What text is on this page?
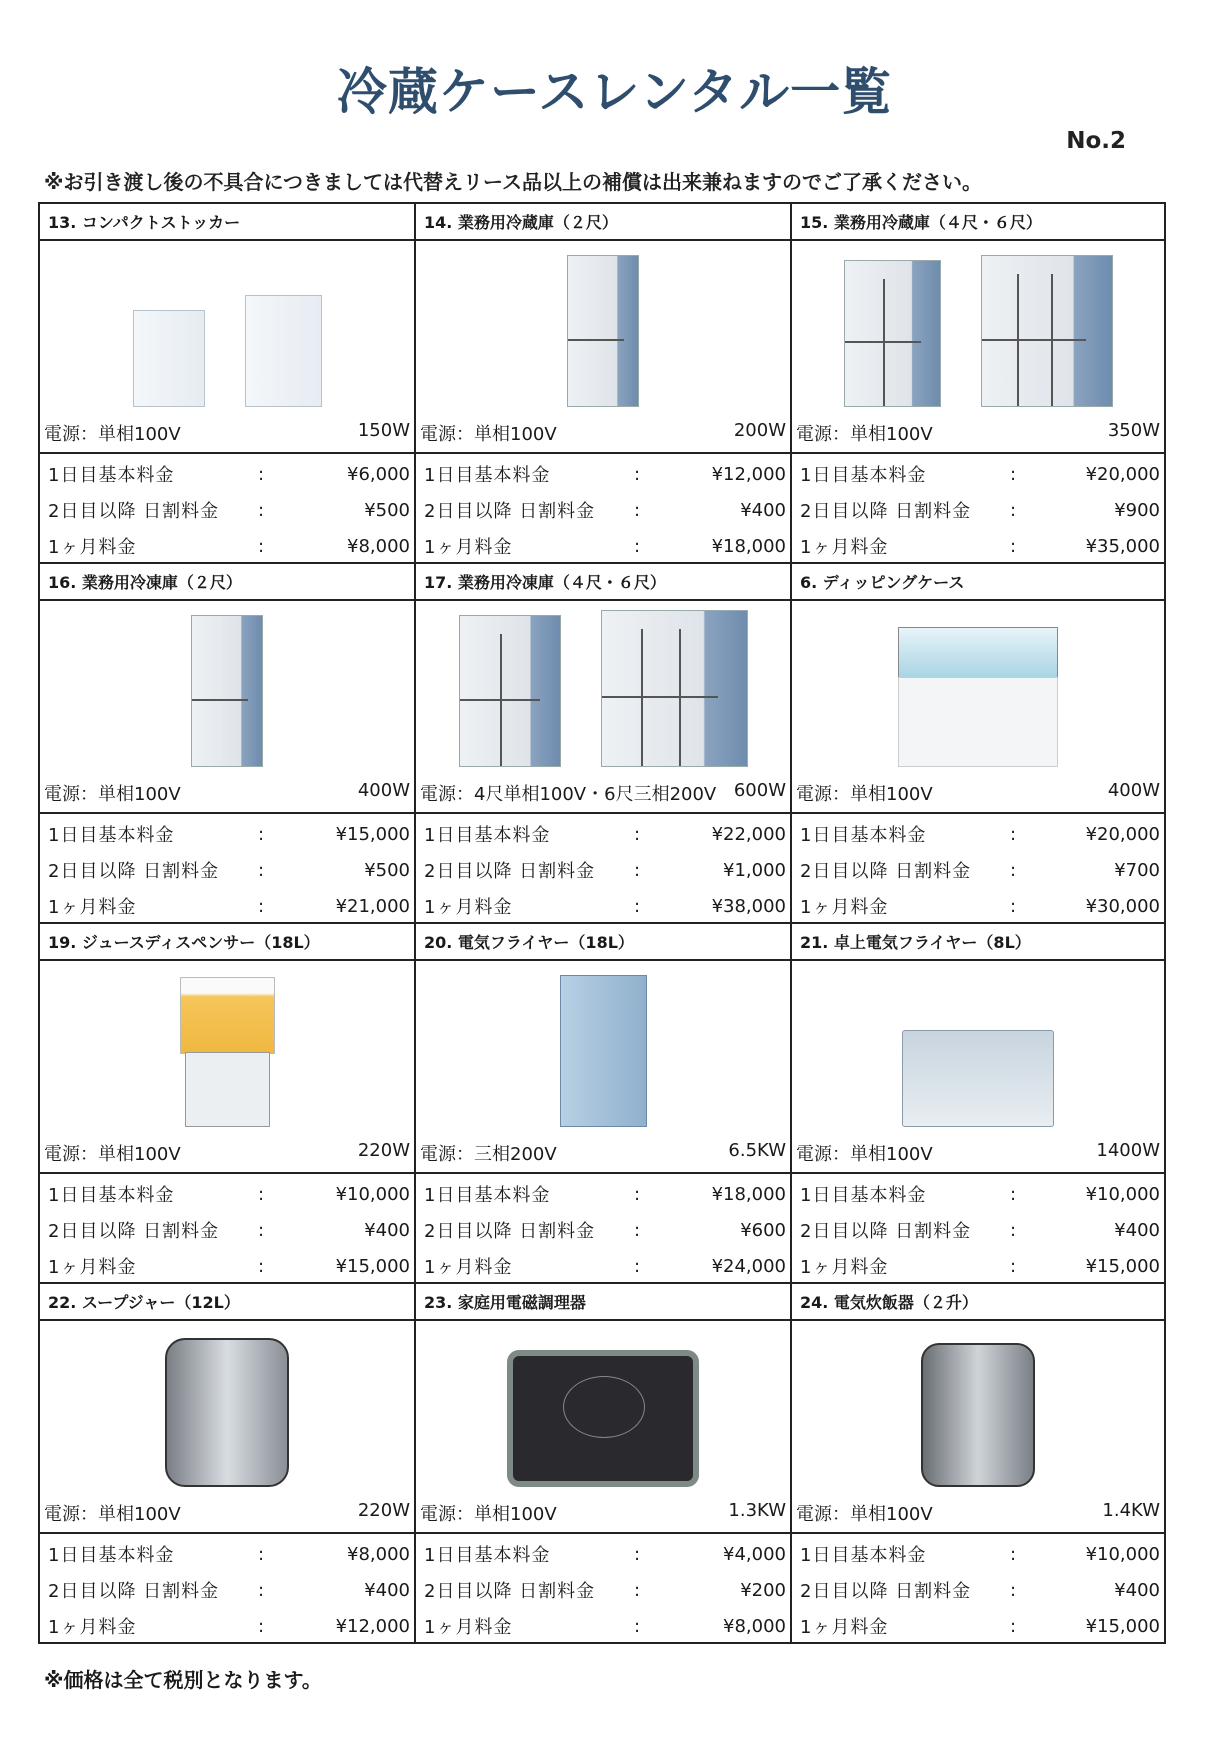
冷蔵ケースレンタル一覧
No.2
※お引き渡し後の不具合につきましては代替えリース品以上の補償は出来兼ねますのでご了承ください。
13. コンパクトストッカー
電源：単相100V	150W
1日目基本料金	:	¥6,000
2日目以降 日割料金	:	¥500
1ヶ月料金	:	¥8,000
14. 業務用冷蔵庫（２尺）
電源：単相100V	200W
1日目基本料金	:	¥12,000
2日目以降 日割料金	:	¥400
1ヶ月料金	:	¥18,000
15. 業務用冷蔵庫（４尺・６尺）
電源：単相100V	350W
1日目基本料金	:	¥20,000
2日目以降 日割料金	:	¥900
1ヶ月料金	:	¥35,000
16. 業務用冷凍庫（２尺）
電源：単相100V	400W
1日目基本料金	:	¥15,000
2日目以降 日割料金	:	¥500
1ヶ月料金	:	¥21,000
17. 業務用冷凍庫（４尺・６尺）
電源：4尺単相100V・6尺三相200V 600W
1日目基本料金	:	¥22,000
2日目以降 日割料金	:	¥1,000
1ヶ月料金	:	¥38,000
6. ディッピングケース
電源：単相100V	400W
1日目基本料金	:	¥20,000
2日目以降 日割料金	:	¥700
1ヶ月料金	:	¥30,000
19. ジュースディスペンサー（18L）
電源：単相100V	220W
1日目基本料金	:	¥10,000
2日目以降 日割料金	:	¥400
1ヶ月料金	:	¥15,000
20. 電気フライヤー（18L）
電源：三相200V	6.5KW
1日目基本料金	:	¥18,000
2日目以降 日割料金	:	¥600
1ヶ月料金	:	¥24,000
21. 卓上電気フライヤー（8L）
電源：単相100V	1400W
1日目基本料金	:	¥10,000
2日目以降 日割料金	:	¥400
1ヶ月料金	:	¥15,000
22. スープジャー（12L）
電源：単相100V	220W
1日目基本料金	:	¥8,000
2日目以降 日割料金	:	¥400
1ヶ月料金	:	¥12,000
23. 家庭用電磁調理器
電源：単相100V	1.3KW
1日目基本料金	:	¥4,000
2日目以降 日割料金	:	¥200
1ヶ月料金	:	¥8,000
24. 電気炊飯器（２升）
電源：単相100V	1.4KW
1日目基本料金	:	¥10,000
2日目以降 日割料金	:	¥400
1ヶ月料金	:	¥15,000
※価格は全て税別となります。
